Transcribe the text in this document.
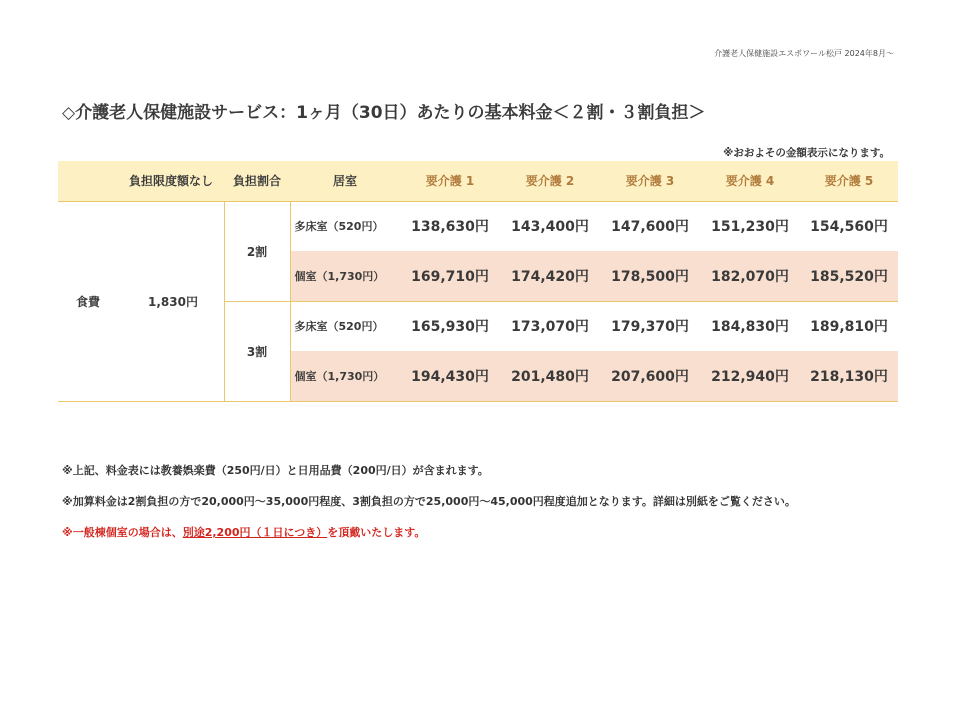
介護老人保健施設エスポワール松戸 2024年8月～
◇介護老人保健施設サービス：1ヶ月（30日）あたりの基本料金＜２割・３割負担＞
※おおよその金額表示になります。
	負担限度額なし	負担割合	居室	要介護 1	要介護 2	要介護 3	要介護 4	要介護 5
食費	1,830円	2割	多床室（520円）	138,630円	143,400円	147,600円	151,230円	154,560円
			個室（1,730円）	169,710円	174,420円	178,500円	182,070円	185,520円
		3割	多床室（520円）	165,930円	173,070円	179,370円	184,830円	189,810円
			個室（1,730円）	194,430円	201,480円	207,600円	212,940円	218,130円
※上記、料金表には教養娯楽費（250円/日）と日用品費（200円/日）が含まれます。
※加算料金は2割負担の方で20,000円～35,000円程度、3割負担の方で25,000円～45,000円程度追加となります。詳細は別紙をご覧ください。
※一般棟個室の場合は、別途2,200円（１日につき）を頂戴いたします。
